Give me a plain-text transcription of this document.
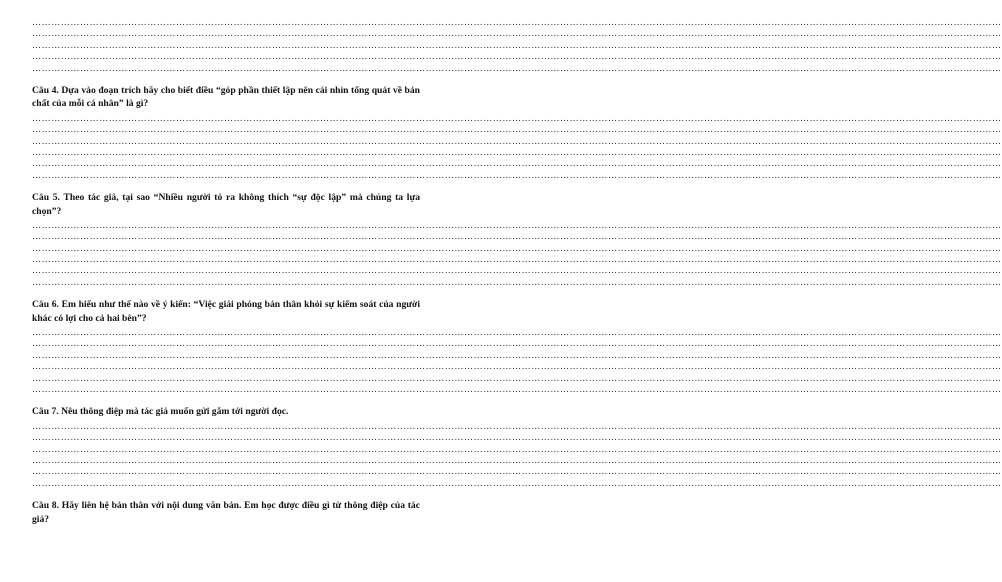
……………………………………………………………………………………………………………………………………………………………………………………………………………………………………………………………………………
……………………………………………………………………………………………………………………………………………………………………………………………………………………………………………………………………………
……………………………………………………………………………………………………………………………………………………………………………………………………………………………………………………………………………
……………………………………………………………………………………………………………………………………………………………………………………………………………………………………………………………………………
……………………………………………………………………………………………………………………………………………………………………………………………………………………………………………………………………………
Câu 4. Dựa vào đoạn trích hãy cho biết điều “góp phần thiết lập nên cái nhìn tổng quát về bản chất của mỗi cá nhân” là gì?
……………………………………………………………………………………………………………………………………………………………………………………………………………………………………………………………………………
……………………………………………………………………………………………………………………………………………………………………………………………………………………………………………………………………………
……………………………………………………………………………………………………………………………………………………………………………………………………………………………………………………………………………
……………………………………………………………………………………………………………………………………………………………………………………………………………………………………………………………………………
……………………………………………………………………………………………………………………………………………………………………………………………………………………………………………………………………………
……………………………………………………………………………………………………………………………………………………………………………………………………………………………………………………………………………
Câu 5. Theo tác giả, tại sao “Nhiều người tỏ ra không thích “sự độc lập” mà chúng ta lựa chọn”?
……………………………………………………………………………………………………………………………………………………………………………………………………………………………………………………………………………
……………………………………………………………………………………………………………………………………………………………………………………………………………………………………………………………………………
……………………………………………………………………………………………………………………………………………………………………………………………………………………………………………………………………………
……………………………………………………………………………………………………………………………………………………………………………………………………………………………………………………………………………
……………………………………………………………………………………………………………………………………………………………………………………………………………………………………………………………………………
……………………………………………………………………………………………………………………………………………………………………………………………………………………………………………………………………………
Câu 6. Em hiểu như thế nào về ý kiến: “Việc giải phóng bản thân khỏi sự kiểm soát của người khác có lợi cho cả hai bên”?
……………………………………………………………………………………………………………………………………………………………………………………………………………………………………………………………………………
……………………………………………………………………………………………………………………………………………………………………………………………………………………………………………………………………………
……………………………………………………………………………………………………………………………………………………………………………………………………………………………………………………………………………
……………………………………………………………………………………………………………………………………………………………………………………………………………………………………………………………………………
……………………………………………………………………………………………………………………………………………………………………………………………………………………………………………………………………………
……………………………………………………………………………………………………………………………………………………………………………………………………………………………………………………………………………
Câu 7. Nêu thông điệp mà tác giả muốn gửi gắm tới người đọc.
……………………………………………………………………………………………………………………………………………………………………………………………………………………………………………………………………………
……………………………………………………………………………………………………………………………………………………………………………………………………………………………………………………………………………
……………………………………………………………………………………………………………………………………………………………………………………………………………………………………………………………………………
……………………………………………………………………………………………………………………………………………………………………………………………………………………………………………………………………………
……………………………………………………………………………………………………………………………………………………………………………………………………………………………………………………………………………
……………………………………………………………………………………………………………………………………………………………………………………………………………………………………………………………………………
Câu 8. Hãy liên hệ bản thân với nội dung văn bản. Em học được điều gì từ thông điệp của tác giả?
